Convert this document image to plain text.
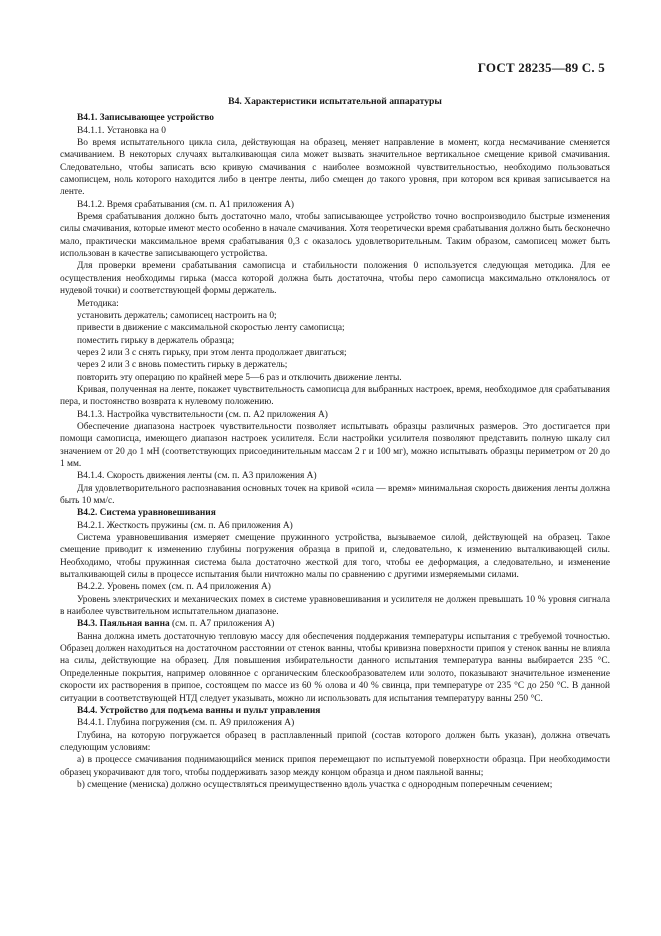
ГОСТ 28235—89 С. 5
В4. Характеристики испытательной аппаратуры

В4.1. Записывающее устройство

В4.1.1. Установка на 0

Во время испытательного цикла сила, действующая на образец, меняет направление в момент, когда несмачивание сменяется смачиванием. В некоторых случаях выталкивающая сила может вызвать значительное вертикальное смещение кривой смачивания. Следовательно, чтобы записать всю кривую смачивания с наиболее возможной чувствительностью, необходимо пользоваться самописцем, ноль которого находится либо в центре ленты, либо смещен до такого уровня, при котором вся кривая записывается на ленте.

В4.1.2. Время срабатывания (см. п. А1 приложения А)

Время срабатывания должно быть достаточно мало, чтобы записывающее устройство точно воспроизводило быстрые изменения силы смачивания, которые имеют место особенно в начале смачивания. Хотя теоретически время срабатывания должно быть бесконечно мало, практически максимальное время срабатывания 0,3 с оказалось удовлетворительным. Таким образом, самописец может быть использован в качестве записывающего устройства.

Для проверки времени срабатывания самописца и стабильности положения 0 используется следующая методика. Для ее осуществления необходимы гирька (масса которой должна быть достаточна, чтобы перо самописца максимально отклонялось от нудевой точки) и соответствующей формы держатель.

Методика:

установить держатель; самописец настроить на 0;

привести в движение с максимальной скоростью ленту самописца;

поместить гирьку в держатель образца;

через 2 или 3 с снять гирьку, при этом лента продолжает двигаться;

через 2 или 3 с вновь поместить гирьку в держатель;

повторить эту операцию по крайней мере 5—6 раз и отключить движение ленты.

Кривая, полученная на ленте, покажет чувствительность самописца для выбранных настроек, время, необходимое для срабатывания пера, и постоянство возврата к нулевому положению.

В4.1.3. Настройка чувствительности (см. п. А2 приложения А)

Обеспечение диапазона настроек чувствительности позволяет испытывать образцы различных размеров. Это достигается при помощи самописца, имеющего диапазон настроек усилителя. Если настройки усилителя позволяют представить полную шкалу сил значением от 20 до 1 мН (соответствующих присоединительным массам 2 г и 100 мг), можно испытывать образцы периметром от 20 до 1 мм.

В4.1.4. Скорость движения ленты (см. п. А3 приложения А)

Для удовлетворительного распознавания основных точек на кривой «сила — время» минимальная скорость движения ленты должна быть 10 мм/с.

В4.2. Система уравновешивания

В4.2.1. Жесткость пружины (см. п. А6 приложения А)

Система уравновешивания измеряет смещение пружинного устройства, вызываемое силой, действующей на образец. Такое смещение приводит к изменению глубины погружения образца в припой и, следовательно, к изменению выталкивающей силы. Необходимо, чтобы пружинная система была достаточно жесткой для того, чтобы ее деформация, а следовательно, и изменение выталкивающей силы в процессе испытания были ничтожно малы по сравнению с другими измеряемыми силами.

В4.2.2. Уровень помех (см. п. А4 приложения А)

Уровень электрических и механических помех в системе уравновешивания и усилителя не должен превышать 10 % уровня сигнала в наиболее чувствительном испытательном диапазоне.

В4.3. Паяльная ванна (см. п. А7 приложения А)

Ванна должна иметь достаточную тепловую массу для обеспечения поддержания температуры испытания с требуемой точностью. Образец должен находиться на достаточном расстоянии от стенок ванны, чтобы кривизна поверхности припоя у стенок ванны не влияла на силы, действующие на образец. Для повышения избирательности данного испытания температура ванны выбирается 235 °С. Определенные покрытия, например оловянное с органическим блескообразователем или золото, показывают значительное изменение скорости их растворения в припое, состоящем по массе из 60 % олова и 40 % свинца, при температуре от 235 °С до 250 °С. В данной ситуации в соответствующей НТД следует указывать, можно ли использовать для испытания температуру ванны 250 °С.

В4.4. Устройство для подъема ванны и пульт управления

В4.4.1. Глубина погружения (см. п. А9 приложения А)

Глубина, на которую погружается образец в расплавленный припой (состав которого должен быть указан), должна отвечать следующим условиям:

а) в процессе смачивания поднимающийся мениск припоя перемещают по испытуемой поверхности образца. При необходимости образец укорачивают для того, чтобы поддерживать зазор между концом образца и дном паяльной ванны;

b) смещение (мениска) должно осуществляться преимущественно вдоль участка с однородным поперечным сечением;
